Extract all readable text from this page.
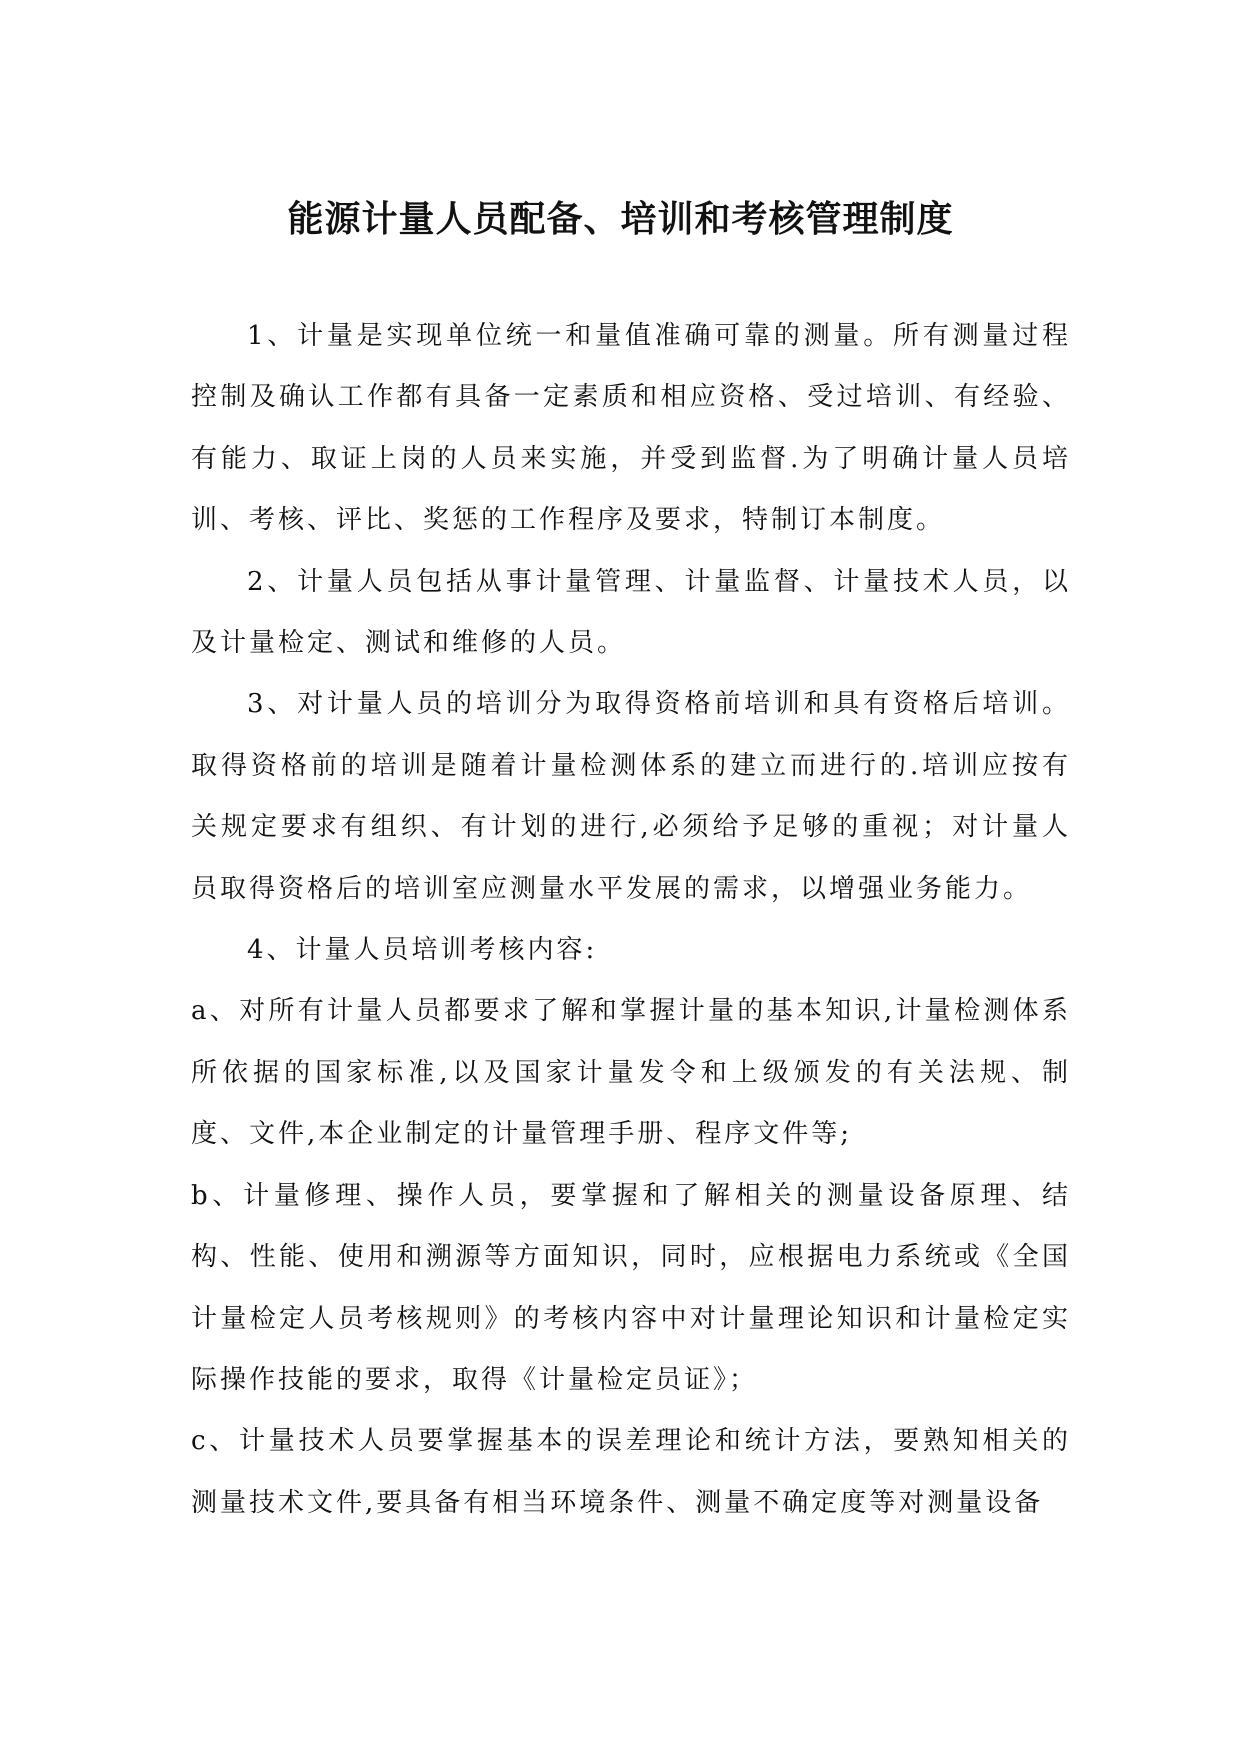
能源计量人员配备、培训和考核管理制度

1、计量是实现单位统一和量值准确可靠的测量。所有测量过程控制及确认工作都有具备一定素质和相应资格、受过培训、有经验、有能力、取证上岗的人员来实施，并受到监督.为了明确计量人员培训、考核、评比、奖惩的工作程序及要求，特制订本制度。

2、计量人员包括从事计量管理、计量监督、计量技术人员，以及计量检定、测试和维修的人员。

3、对计量人员的培训分为取得资格前培训和具有资格后培训。取得资格前的培训是随着计量检测体系的建立而进行的.培训应按有关规定要求有组织、有计划的进行,必须给予足够的重视；对计量人员取得资格后的培训室应测量水平发展的需求，以增强业务能力。

4、计量人员培训考核内容:

a、对所有计量人员都要求了解和掌握计量的基本知识,计量检测体系所依据的国家标准,以及国家计量发令和上级颁发的有关法规、制度、文件,本企业制定的计量管理手册、程序文件等;

b、计量修理、操作人员，要掌握和了解相关的测量设备原理、结构、性能、使用和溯源等方面知识，同时，应根据电力系统或《全国计量检定人员考核规则》的考核内容中对计量理论知识和计量检定实际操作技能的要求，取得《计量检定员证》；

c、计量技术人员要掌握基本的误差理论和统计方法，要熟知相关的测量技术文件,要具备有相当环境条件、测量不确定度等对测量设备
